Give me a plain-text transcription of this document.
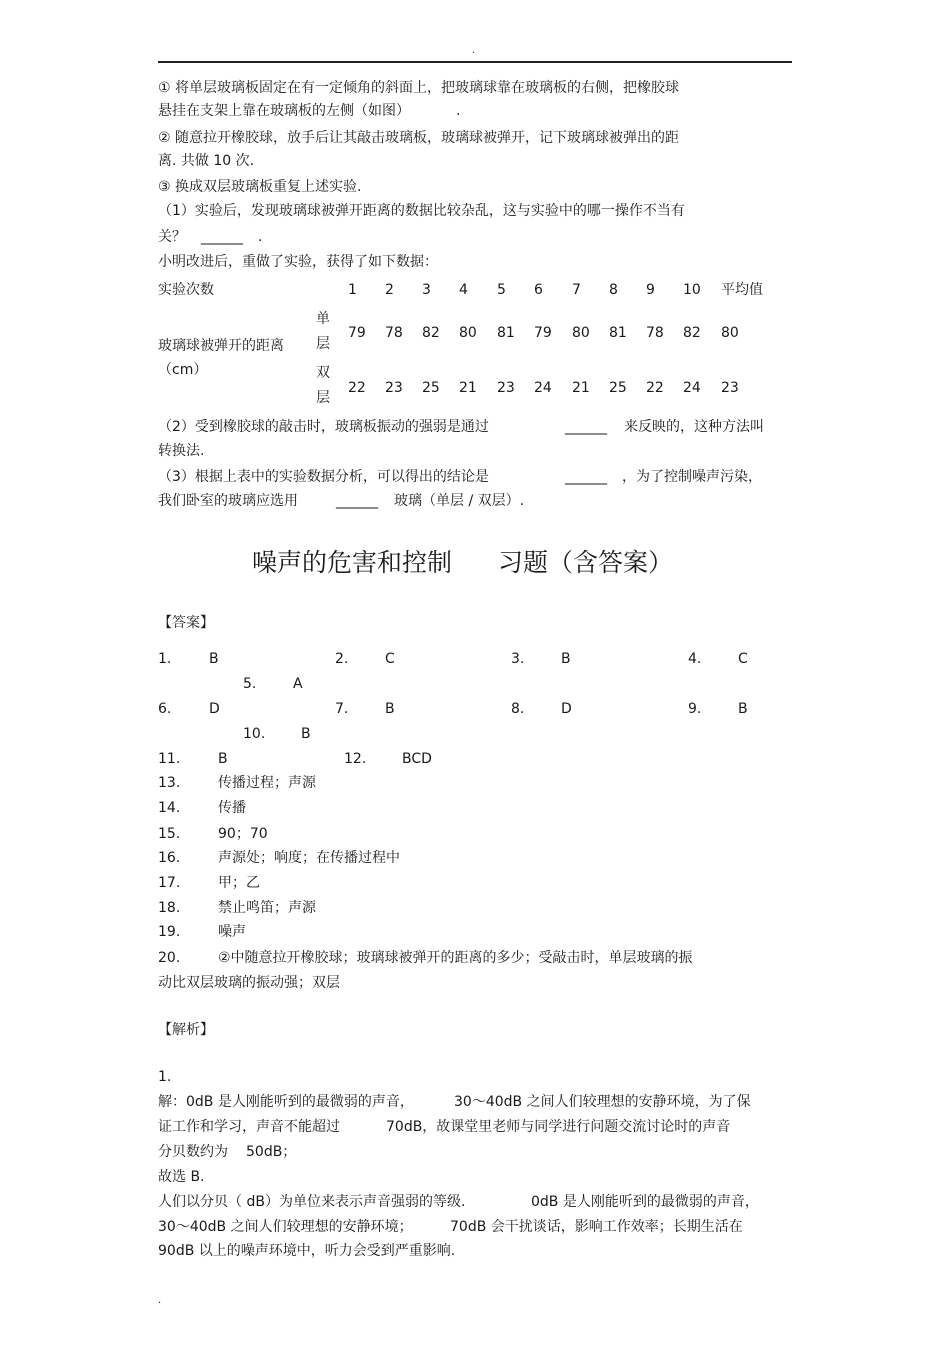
.
① 将单层玻璃板固定在有一定倾角的斜面上，把玻璃球靠在玻璃板的右侧，把橡胶球
悬挂在支架上靠在玻璃板的左侧（如图）	.
② 随意拉开橡胶球，放手后让其敲击玻璃板，玻璃球被弹开，记下玻璃球被弹出的距
离. 共做 10 次.
③ 换成双层玻璃板重复上述实验.
（1）实验后，发现玻璃球被弹开距离的数据比较杂乱，这与实验中的哪一操作不当有
关？ ______ .
小明改进后，重做了实验，获得了如下数据：
实验次数	1 2 3 4 5 6 7 8 9 10 平均值
玻璃球被弹开的距离
（cm）
单
层
79 78 82 80 81 79 80 81 78 82 80
双
层
22 23 25 21 23 24 21 25 22 24 23
（2）受到橡胶球的敲击时，玻璃板振动的强弱是通过	______ 来反映的，这种方法叫
转换法.
（3）根据上表中的实验数据分析，可以得出的结论是	______ ，为了控制噪声污染，
我们卧室的玻璃应选用	______ 玻璃（单层 / 双层）.
噪声的危害和控制 习题（含答案）
【答案】
1.	B	2.	C	3.	B	4.	C
5.	A
6.	D	7.	B	8.	D	9.	B
10.	B
11.	B	12.	BCD
13.	传播过程；声源
14.	传播
15.	90；70
16.	声源处；响度；在传播过程中
17.	甲；乙
18.	禁止鸣笛；声源
19.	噪声
20.	②中随意拉开橡胶球；玻璃球被弹开的距离的多少；受敲击时，单层玻璃的振
动比双层玻璃的振动强；双层
【解析】
1.
解：0dB 是人刚能听到的最微弱的声音，	30～40dB 之间人们较理想的安静环境，为了保
证工作和学习，声音不能超过	70dB，故课堂里老师与同学进行问题交流讨论时的声音
分贝数约为 50dB；
故选 B.
人们以分贝（ dB）为单位来表示声音强弱的等级.	0dB 是人刚能听到的最微弱的声音，
30～40dB 之间人们较理想的安静环境；	70dB 会干扰谈话，影响工作效率；长期生活在
90dB 以上的噪声环境中，听力会受到严重影响.
.
